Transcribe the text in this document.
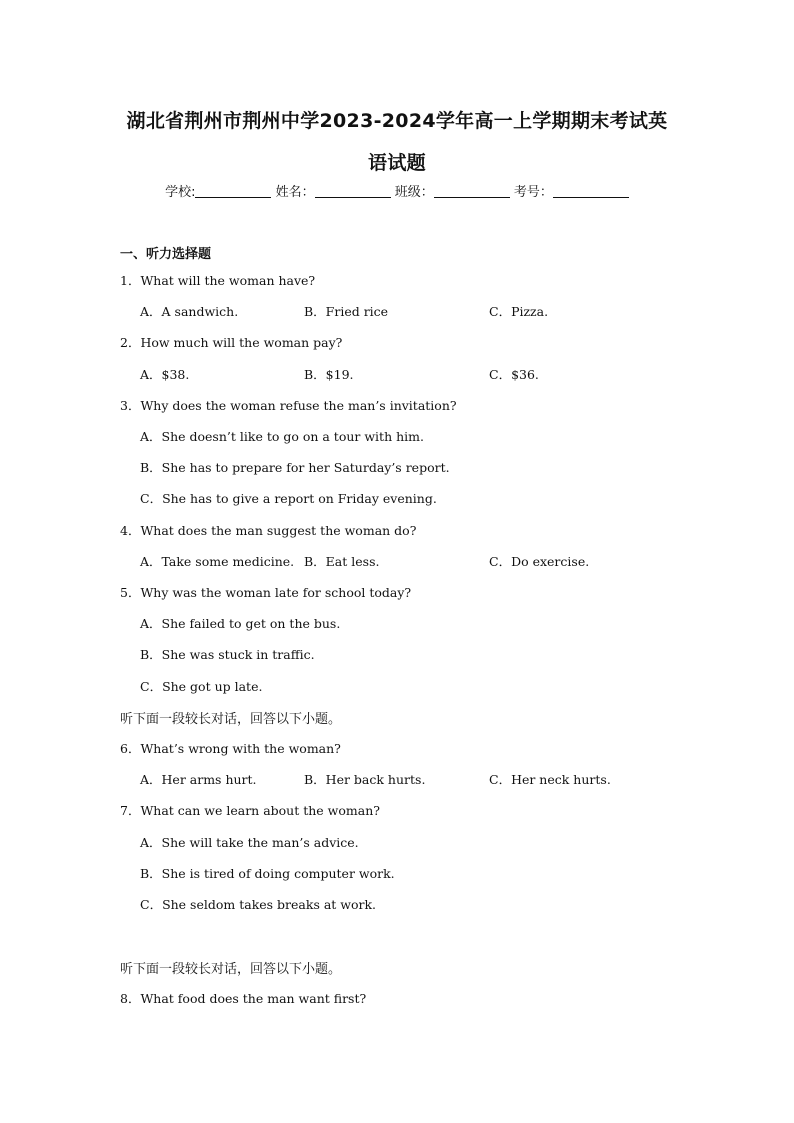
湖北省荆州市荆州中学2023-2024学年高一上学期期末考试英
语试题
学校:	姓名：	班级：	考号：
一、听力选择题
1．What will the woman have?
A．A sandwich.	B．Fried rice	C．Pizza.
2．How much will the woman pay?
A．$38.	B．$19.	C．$36.
3．Why does the woman refuse the man’s invitation?
A．She doesn’t like to go on a tour with him.
B．She has to prepare for her Saturday’s report.
C．She has to give a report on Friday evening.
4．What does the man suggest the woman do?
A．Take some medicine. B．Eat less.	C．Do exercise.
5．Why was the woman late for school today?
A．She failed to get on the bus.
B．She was stuck in traffic.
C．She got up late.
听下面一段较长对话，回答以下小题。
6．What’s wrong with the woman?
A．Her arms hurt.	B．Her back hurts.	C．Her neck hurts.
7．What can we learn about the woman?
A．She will take the man’s advice.
B．She is tired of doing computer work.
C．She seldom takes breaks at work.
听下面一段较长对话，回答以下小题。
8．What food does the man want first?
